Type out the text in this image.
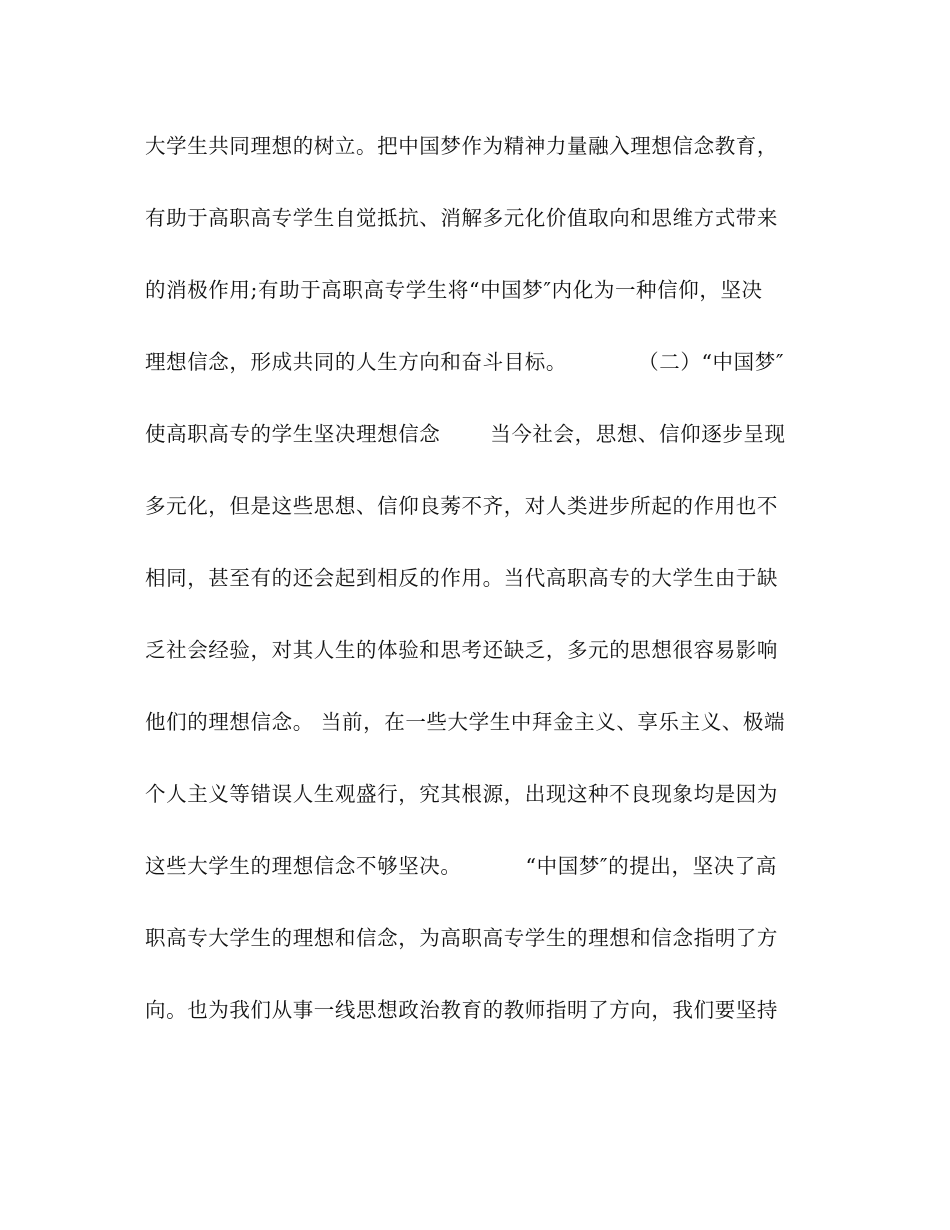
大学生共同理想的树立。把中国梦作为精神力量融入理想信念教育，
有助于高职高专学生自觉抵抗、消解多元化价值取向和思维方式带来
的消极作用;有助于高职高专学生将“中国梦″内化为一种信仰，坚决
理想信念，形成共同的人生方向和奋斗目标。          （二）“中国梦″
使高职高专的学生坚决理想信念       当今社会，思想、信仰逐步呈现
多元化，但是这些思想、信仰良莠不齐，对人类进步所起的作用也不
相同，甚至有的还会起到相反的作用。当代高职高专的大学生由于缺
乏社会经验，对其人生的体验和思考还缺乏，多元的思想很容易影响
他们的理想信念。 当前，在一些大学生中拜金主义、享乐主义、极端
个人主义等错误人生观盛行，究其根源，出现这种不良现象均是因为
这些大学生的理想信念不够坚决。         “中国梦″的提出，坚决了高
职高专大学生的理想和信念，为高职高专学生的理想和信念指明了方
向。也为我们从事一线思想政治教育的教师指明了方向，我们要坚持
